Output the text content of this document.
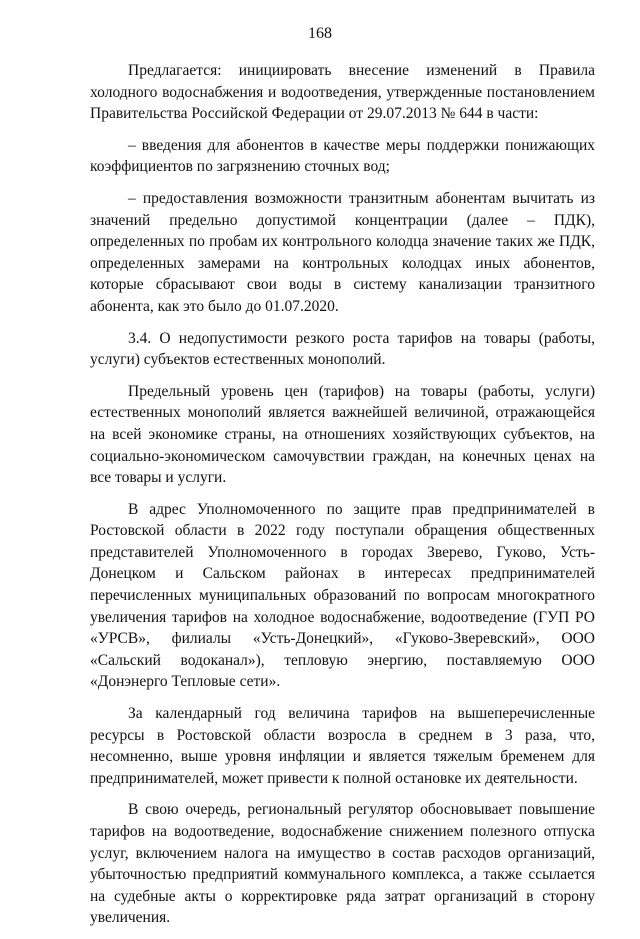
168

Предлагается: инициировать внесение изменений в Правила холодного водоснабжения и водоотведения, утвержденные постановлением Правительства Российской Федерации от 29.07.2013 № 644 в части:

– введения для абонентов в качестве меры поддержки понижающих коэффициентов по загрязнению сточных вод;

– предоставления возможности транзитным абонентам вычитать из значений предельно допустимой концентрации (далее – ПДК), определенных по пробам их контрольного колодца значение таких же ПДК, определенных замерами на контрольных колодцах иных абонентов, которые сбрасывают свои воды в систему канализации транзитного абонента, как это было до 01.07.2020.

3.4. О недопустимости резкого роста тарифов на товары (работы, услуги) субъектов естественных монополий.

Предельный уровень цен (тарифов) на товары (работы, услуги) естественных монополий является важнейшей величиной, отражающейся на всей экономике страны, на отношениях хозяйствующих субъектов, на социально-экономическом самочувствии граждан, на конечных ценах на все товары и услуги.

В адрес Уполномоченного по защите прав предпринимателей в Ростовской области в 2022 году поступали обращения общественных представителей Уполномоченного в городах Зверево, Гуково, Усть-Донецком и Сальском районах в интересах предпринимателей перечисленных муниципальных образований по вопросам многократного увеличения тарифов на холодное водоснабжение, водоотведение (ГУП РО «УРСВ», филиалы «Усть-Донецкий», «Гуково-Зверевский», ООО «Сальский водоканал»), тепловую энергию, поставляемую ООО «Донэнерго Тепловые сети».

За календарный год величина тарифов на вышеперечисленные ресурсы в Ростовской области возросла в среднем в 3 раза, что, несомненно, выше уровня инфляции и является тяжелым бременем для предпринимателей, может привести к полной остановке их деятельности.

В свою очередь, региональный регулятор обосновывает повышение тарифов на водоотведение, водоснабжение снижением полезного отпуска услуг, включением налога на имущество в состав расходов организаций, убыточностью предприятий коммунального комплекса, а также ссылается на судебные акты о корректировке ряда затрат организаций в сторону увеличения.
